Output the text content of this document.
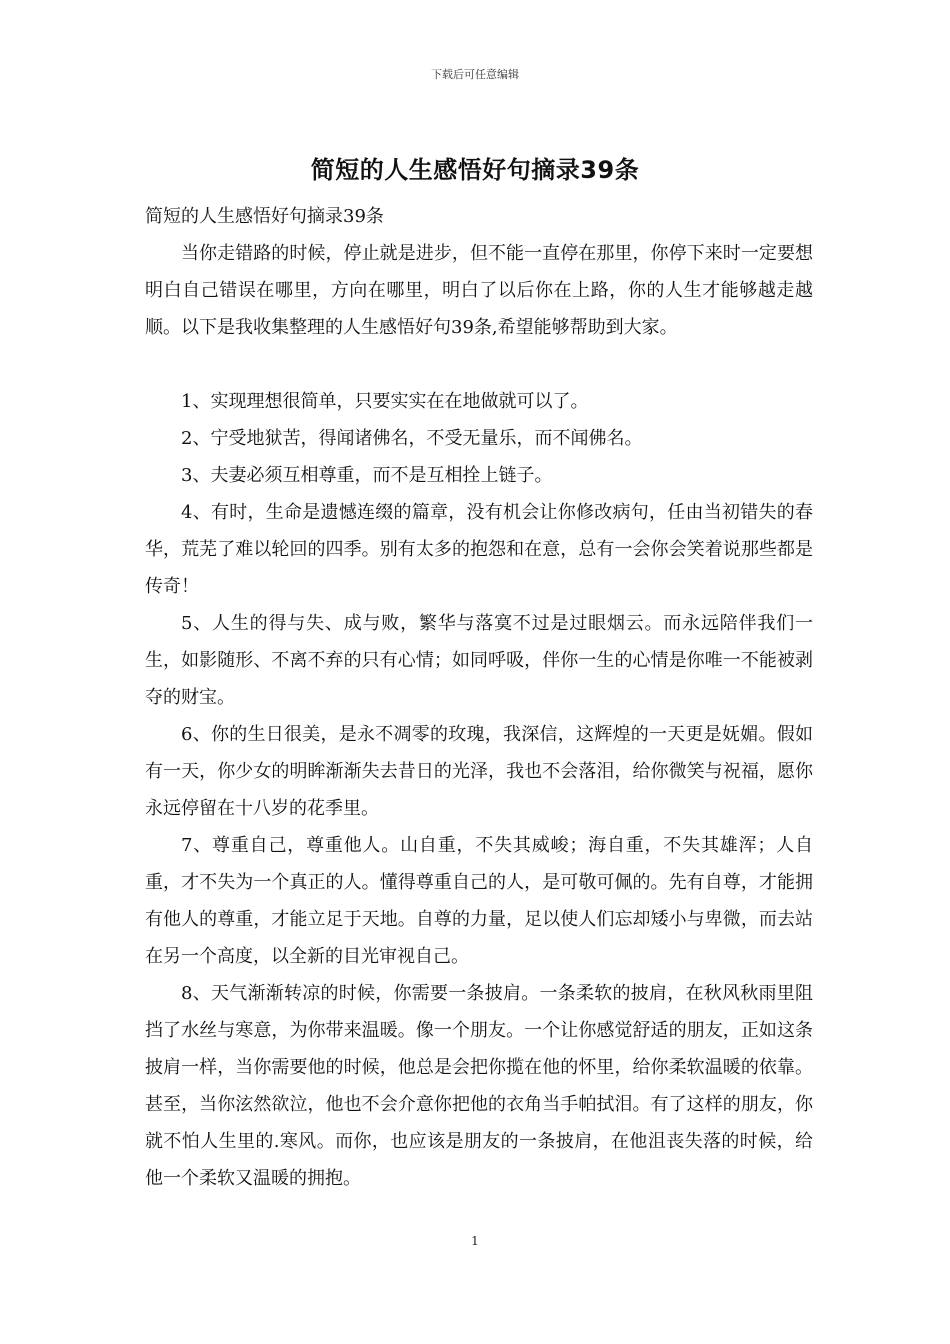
下载后可任意编辑
简短的人生感悟好句摘录39条

简短的人生感悟好句摘录39条

当你走错路的时候，停止就是进步，但不能一直停在那里，你停下来时一定要想明白自己错误在哪里，方向在哪里，明白了以后你在上路，你的人生才能够越走越顺。以下是我收集整理的人生感悟好句39条,希望能够帮助到大家。

1、实现理想很简单，只要实实在在地做就可以了。

2、宁受地狱苦，得闻诸佛名，不受无量乐，而不闻佛名。

3、夫妻必须互相尊重，而不是互相拴上链子。

4、有时，生命是遗憾连缀的篇章，没有机会让你修改病句，任由当初错失的春华，荒芜了难以轮回的四季。别有太多的抱怨和在意，总有一会你会笑着说那些都是传奇！

5、人生的得与失、成与败，繁华与落寞不过是过眼烟云。而永远陪伴我们一生，如影随形、不离不弃的只有心情；如同呼吸，伴你一生的心情是你唯一不能被剥夺的财宝。

6、你的生日很美，是永不凋零的玫瑰，我深信，这辉煌的一天更是妩媚。假如有一天，你少女的明眸渐渐失去昔日的光泽，我也不会落泪，给你微笑与祝福，愿你永远停留在十八岁的花季里。

7、尊重自己，尊重他人。山自重，不失其威峻；海自重，不失其雄浑；人自重，才不失为一个真正的人。懂得尊重自己的人，是可敬可佩的。先有自尊，才能拥有他人的尊重，才能立足于天地。自尊的力量，足以使人们忘却矮小与卑微，而去站在另一个高度，以全新的目光审视自己。

8、天气渐渐转凉的时候，你需要一条披肩。一条柔软的披肩，在秋风秋雨里阻挡了水丝与寒意，为你带来温暖。像一个朋友。一个让你感觉舒适的朋友，正如这条披肩一样，当你需要他的时候，他总是会把你揽在他的怀里，给你柔软温暖的依靠。甚至，当你泫然欲泣，他也不会介意你把他的衣角当手帕拭泪。有了这样的朋友，你就不怕人生里的.寒风。而你，也应该是朋友的一条披肩，在他沮丧失落的时候，给他一个柔软又温暖的拥抱。

1
